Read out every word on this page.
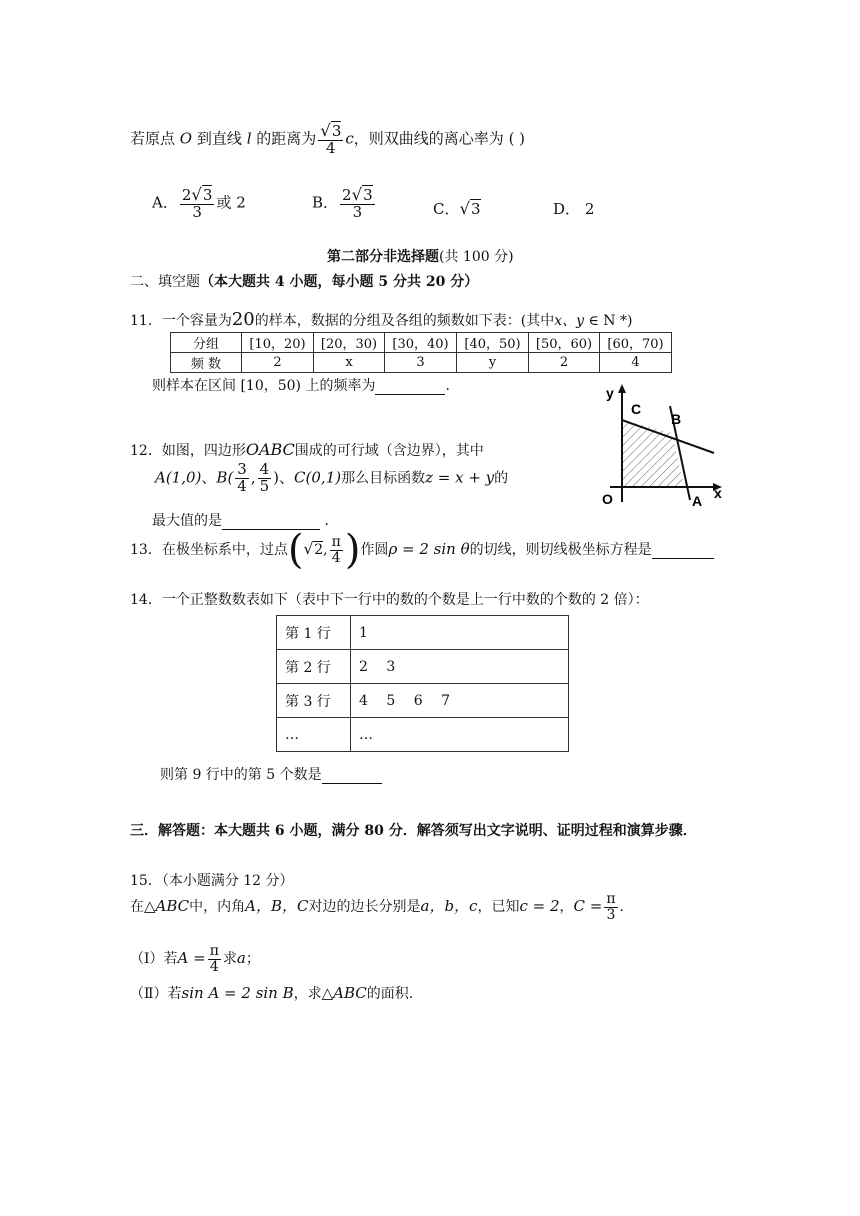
若原点 O 到直线 l 的距离为 $\frac{√3}{4}$ c，则双曲线的离心率为 ( )
A． $\frac{2√3}{3}$ 或 2	B． $\frac{2√3}{3}$	C．√3	D． 2
第二部分非选择题(共 100 分)
二、填空题（本大题共 4 小题，每小题 5 分共 20 分）
11．一个容量为20的样本，数据的分组及各组的频数如下表：(其中x、y ∈ N *)
分组	[10，20)	[20，30)	[30，40)	[40，50)	[50，60)	[60，70)
频 数	2	x	3	y	2	4
则样本在区间 [10，50) 上的频率为	.	y
x
O	A
B
C
12．如图，四边形OABC围成的可行域（含边界），其中
A(1,0)、$B( \frac{3}{4}$ , $\frac{4}{5}$ )、C(0,1)那么目标函数z = x + y的
最大值的是	.
13．在极坐标系中，过点(√2, $\frac{\pi}{4}$ )作圆ρ = 2 sin θ的切线，则切线极坐标方程是
14．一个正整数数表如下（表中下一行中的数的个数是上一行中数的个数的 2 倍）：
第 1 行	1
第 2 行	2 3
第 3 行	4 5 6 7
…	…
则第 9 行中的第 5 个数是
三．解答题：本大题共 6 小题，满分 80 分．解答须写出文字说明、证明过程和演算步骤．
15．（本小题满分 12 分）
在△ABC中，内角A，B，C对边的边长分别是a，b，c，已知c = 2，$C = \frac{\pi}{3}$ ．
（Ⅰ）若$A = \frac{\pi}{4}$ 求a；
（Ⅱ）若sin A = 2 sin B，求△ABC的面积.
